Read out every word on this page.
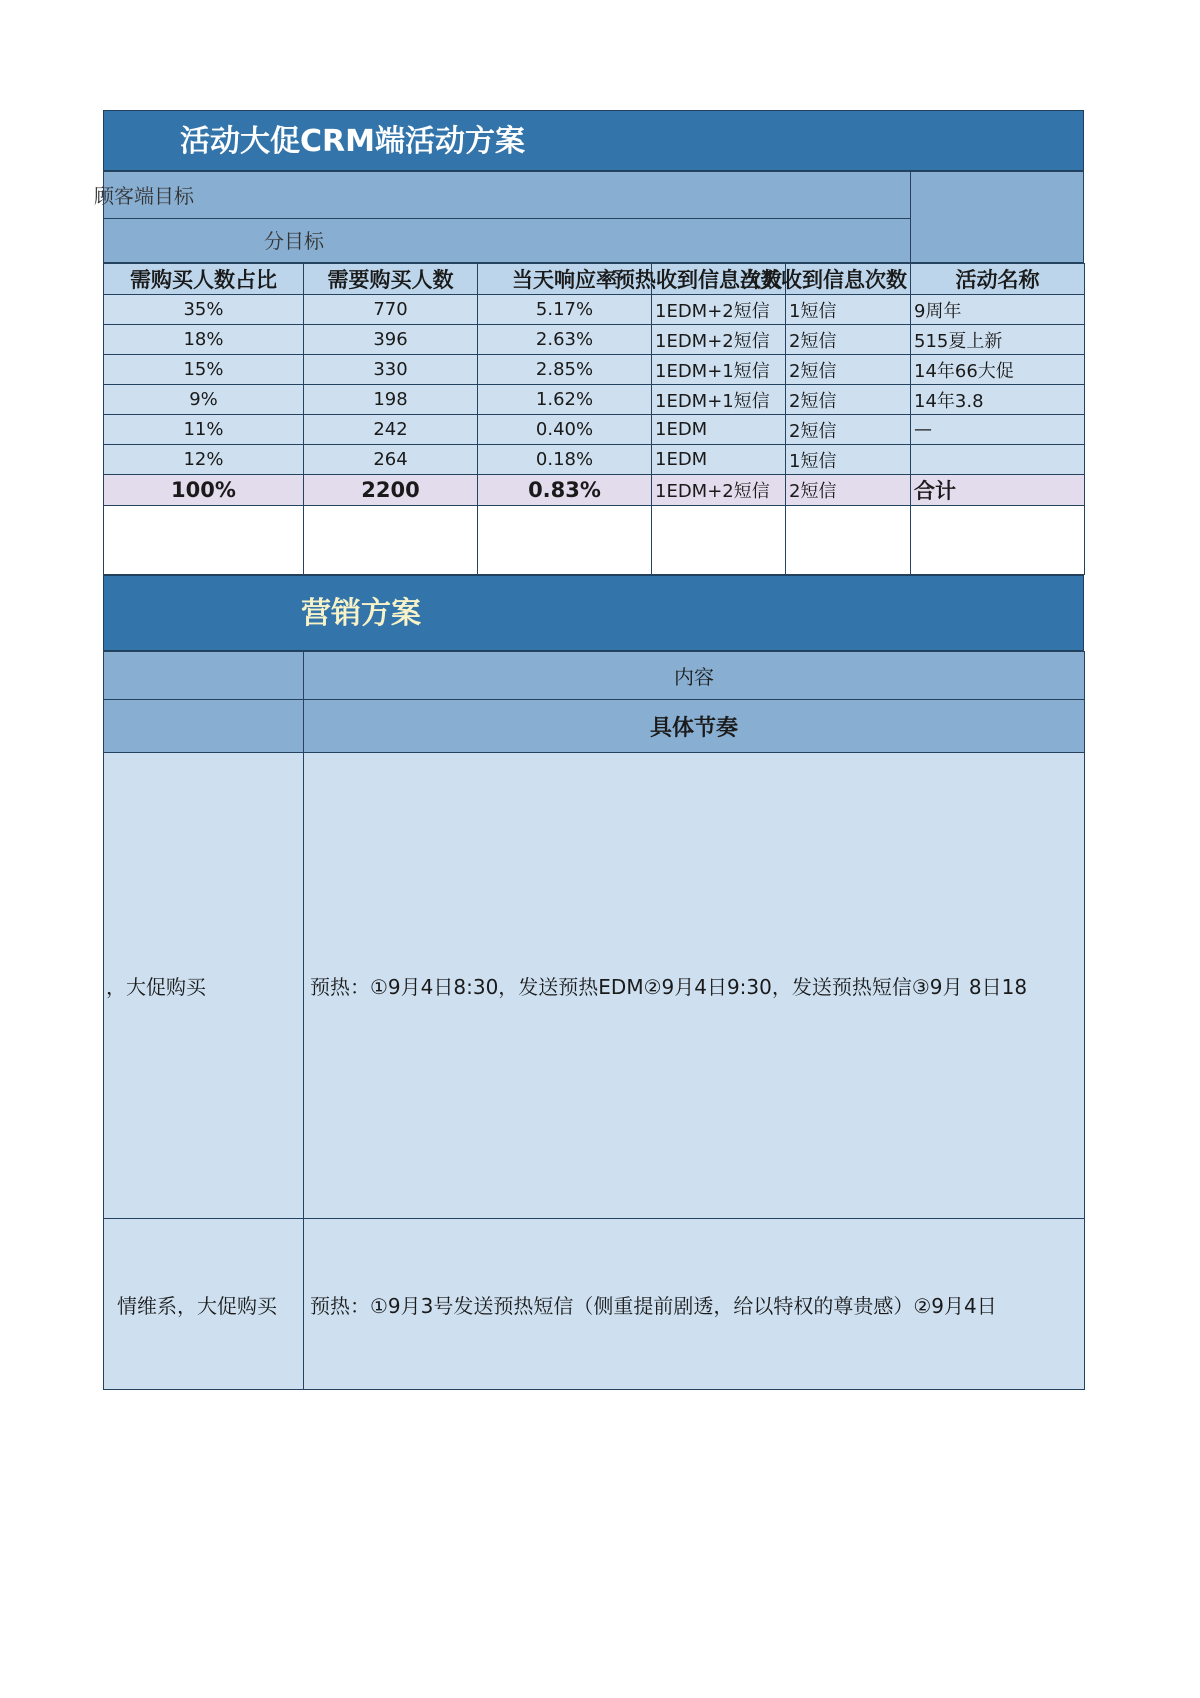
活动大促CRM端活动方案
顾客端目标
分目标
需购买人数占比	需要购买人数	当天响应率	预热收到信息次数	当天收到信息次数	活动名称
35%	770	5.17%	1EDM+2短信	1短信	9周年
18%	396	2.63%	1EDM+2短信	2短信	515夏上新
15%	330	2.85%	1EDM+1短信	2短信	14年66大促
9%	198	1.62%	1EDM+1短信	2短信	14年3.8
11%	242	0.40%	1EDM	2短信	—
12%	264	0.18%	1EDM	1短信	
100%	2200	0.83%	1EDM+2短信	2短信	合计

营销方案
	内容
	具体节奏
，大促购买	预热：①9月4日8:30，发送预热EDM②9月4日9:30，发送预热短信③9月 8日18
情维系，大促购买	预热：①9月3号发送预热短信（侧重提前剧透，给以特权的尊贵感）②9月4日
